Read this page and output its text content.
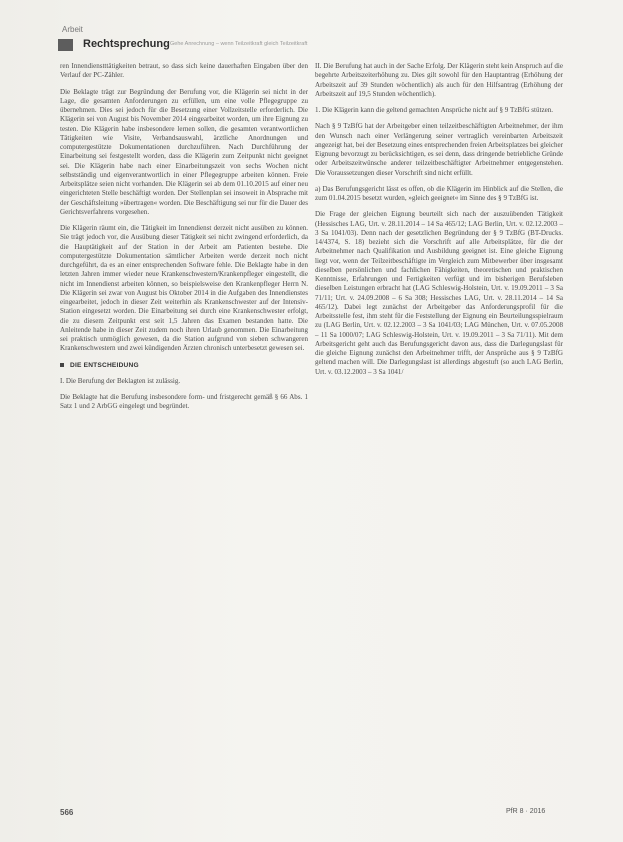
Arbeit
Rechtsprechung Gehe Anrechnung – wenn Teilzeitkraft gleich Teilzeitkraft

ren Innendienstttätigkeiten betraut, so dass sich keine dauerhaften Eingaben über den Verlauf der PC-Zähler.

Die Beklagte trägt zur Begründung der Berufung vor, die Klägerin sei nicht in der Lage, die gesamten Anforderungen zu erfüllen, um eine volle Pflegegruppe zu übernehmen. Dies sei jedoch für die Besetzung einer Vollzeitstelle erforderlich. Die Klägerin sei von August bis November 2014 eingearbeitet worden, um ihre Eignung zu testen. Die Klägerin habe insbesondere lernen sollen, die gesamten verantwortlichen Tätigkeiten wie Visite, Verbandsauswahl, ärztliche Anordnungen und computergestützte Dokumentationen durchzuführen. Nach Durchführung der Einarbeitung sei festgestellt worden, dass die Klägerin zum Zeitpunkt nicht geeignet sei. Die Klägerin habe nach einer Einarbeitungszeit von sechs Wochen nicht selbstständig und eigenverantwortlich in einer Pflegegruppe arbeiten können. Freie Arbeitsplätze seien nicht vorhanden. Die Klägerin sei ab dem 01.10.2015 auf einer neu eingerichteten Stelle beschäftigt worden. Der Stellenplan sei insoweit in Absprache mit der Geschäftsleitung »übertragen« worden. Die Beschäftigung sei nur für die Dauer des Gerichtsverfahrens vorgesehen.

Die Klägerin räumt ein, die Tätigkeit im Innendienst derzeit nicht ausüben zu können. Sie trägt jedoch vor, die Ausübung dieser Tätigkeit sei nicht zwingend erforderlich, da die Hauptätigkeit auf der Station in der Arbeit am Patienten bestehe. Die computergestützte Dokumentation sämtlicher Arbeiten werde derzeit noch nicht durchgeführt, da es an einer entsprechenden Software fehle. Die Beklagte habe in den letzten Jahren immer wieder neue Krankenschwestern/Krankenpfleger eingestellt, die nicht im Innendienst arbeiten können, so beispielsweise den Krankenpfleger Herrn N. Die Klägerin sei zwar von August bis Oktober 2014 in die Aufgaben des Innendienstes eingearbeitet, jedoch in dieser Zeit weiterhin als Krankenschwester auf der Intensiv-Station eingesetzt worden. Die Einarbeitung sei durch eine Krankenschwester erfolgt, die zu diesem Zeitpunkt erst seit 1,5 Jahren das Examen bestanden hatte. Die Anleitende habe in dieser Zeit zudem noch ihren Urlaub genommen. Die Einarbeitung sei praktisch unmöglich gewesen, da die Station aufgrund von sieben schwangeren Krankenschwestern und zwei kündigenden Ärzten chronisch unterbesetzt gewesen sei.

DIE ENTSCHEIDUNG

I. Die Berufung der Beklagten ist zulässig.

Die Beklagte hat die Berufung insbesondere form- und fristgerecht gemäß § 66 Abs. 1 Satz 1 und 2 ArbGG eingelegt und begründet.

II. Die Berufung hat auch in der Sache Erfolg. Der Klägerin steht kein Anspruch auf die begehrte Arbeitszeiterhöhung zu. Dies gilt sowohl für den Hauptantrag (Erhöhung der Arbeitszeit auf 39 Stunden wöchentlich) als auch für den Hilfsantrag (Erhöhung der Arbeitszeit auf 19,5 Stunden wöchentlich).

1. Die Klägerin kann die geltend gemachten Ansprüche nicht auf § 9 TzBfG stützen.

Nach § 9 TzBfG hat der Arbeitgeber einen teilzeitbeschäftigten Arbeitnehmer, der ihm den Wunsch nach einer Verlängerung seiner vertraglich vereinbarten Arbeitszeit angezeigt hat, bei der Besetzung eines entsprechenden freien Arbeitsplatzes bei gleicher Eignung bevorzugt zu berücksichtigen, es sei denn, dass dringende betriebliche Gründe oder Arbeitszeitwünsche anderer teilzeitbeschäftigter Arbeitnehmer entgegenstehen. Die Voraussetzungen dieser Vorschrift sind nicht erfüllt.

a) Das Berufungsgericht lässt es offen, ob die Klägerin im Hinblick auf die Stellen, die zum 01.04.2015 besetzt wurden, »gleich geeignet« im Sinne des § 9 TzBfG ist.

Die Frage der gleichen Eignung beurteilt sich nach der auszuübenden Tätigkeit (Hessisches LAG, Urt. v. 28.11.2014 – 14 Sa 465/12; LAG Berlin, Urt. v. 02.12.2003 – 3 Sa 1041/03). Denn nach der gesetzlichen Begründung der § 9 TzBfG (BT-Drucks. 14/4374, S. 18) bezieht sich die Vorschrift auf alle Arbeitsplätze, für die der Arbeitnehmer nach Qualifikation und Ausbildung geeignet ist. Eine gleiche Eignung liegt vor, wenn der Teilzeitbeschäftigte im Vergleich zum Mitbewerber über insgesamt dieselben persönlichen und fachlichen Fähigkeiten, theoretischen und praktischen Kenntnisse, Erfahrungen und Fertigkeiten verfügt und im bisherigen Berufsleben dieselben Leistungen erbracht hat (LAG Schleswig-Holstein, Urt. v. 19.09.2011 – 3 Sa 71/11; Urt. v. 24.09.2008 – 6 Sa 308; Hessisches LAG, Urt. v. 28.11.2014 – 14 Sa 465/12). Dabei legt zunächst der Arbeitgeber das Anforderungsprofil für die Arbeitsstelle fest, ihm steht für die Feststellung der Eignung ein Beurteilungsspielraum zu (LAG Berlin, Urt. v. 02.12.2003 – 3 Sa 1041/03; LAG München, Urt. v. 07.05.2008 – 11 Sa 1000/07; LAG Schleswig-Holstein, Urt. v. 19.09.2011 – 3 Sa 71/11). Mit dem Arbeitsgericht geht auch das Berufungsgericht davon aus, dass die Darlegungslast für die gleiche Eignung zunächst den Arbeitnehmer trifft, der Ansprüche aus § 9 TzBfG geltend machen will. Die Darlegungslast ist allerdings abgestuft (so auch LAG Berlin, Urt. v. 03.12.2003 – 3 Sa 1041/

566	PfR 8 · 2016
